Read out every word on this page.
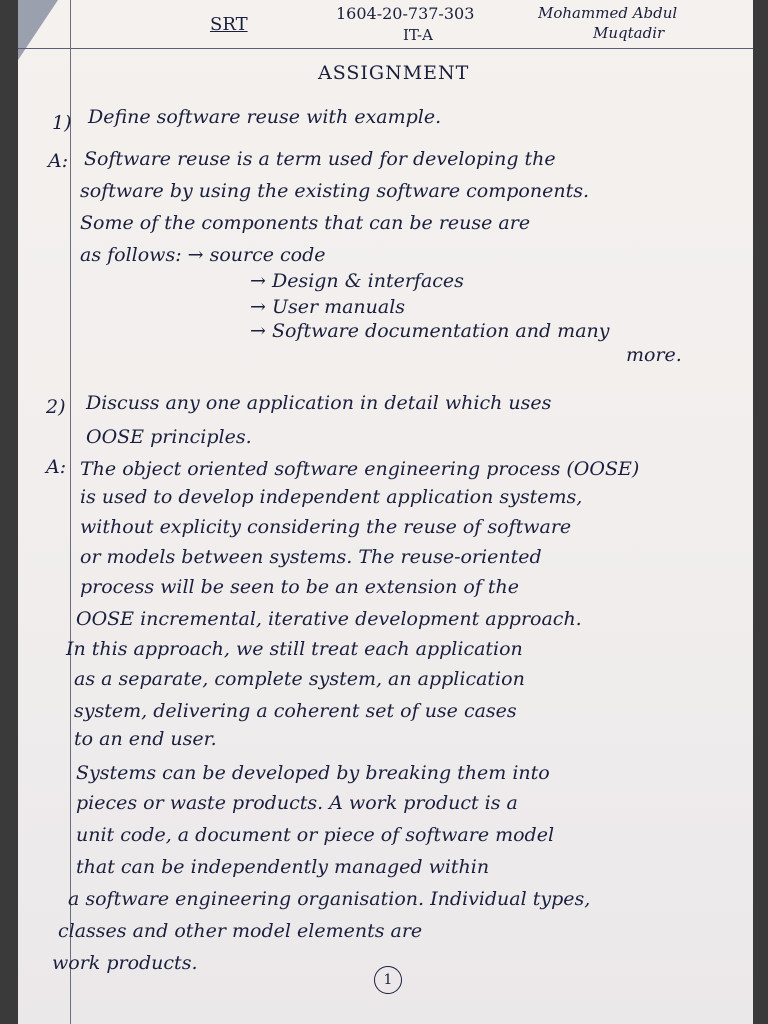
SRT
1604-20-737-303
IT-A
Mohammed Abdul
Muqtadir
ASSIGNMENT
1) Define software reuse with example.
A: Software reuse is a term used for developing the
software by using the existing software components.
Some of the components that can be reuse are
as follows: → source code
→ Design & interfaces
→ User manuals
→ Software documentation and many
more.
2) Discuss any one application in detail which uses
OOSE principles.
A: The object oriented software engineering process (OOSE)
is used to develop independent application systems,
without explicity considering the reuse of software
or models between systems. The reuse-oriented
process will be seen to be an extension of the
OOSE incremental, iterative development approach.
In this approach, we still treat each application
as a separate, complete system, an application
system, delivering a coherent set of use cases
to an end user.
Systems can be developed by breaking them into
pieces or waste products. A work product is a
unit code, a document or piece of software model
that can be independently managed within
a software engineering organisation. Individual types,
classes and other model elements are
work products.
1
